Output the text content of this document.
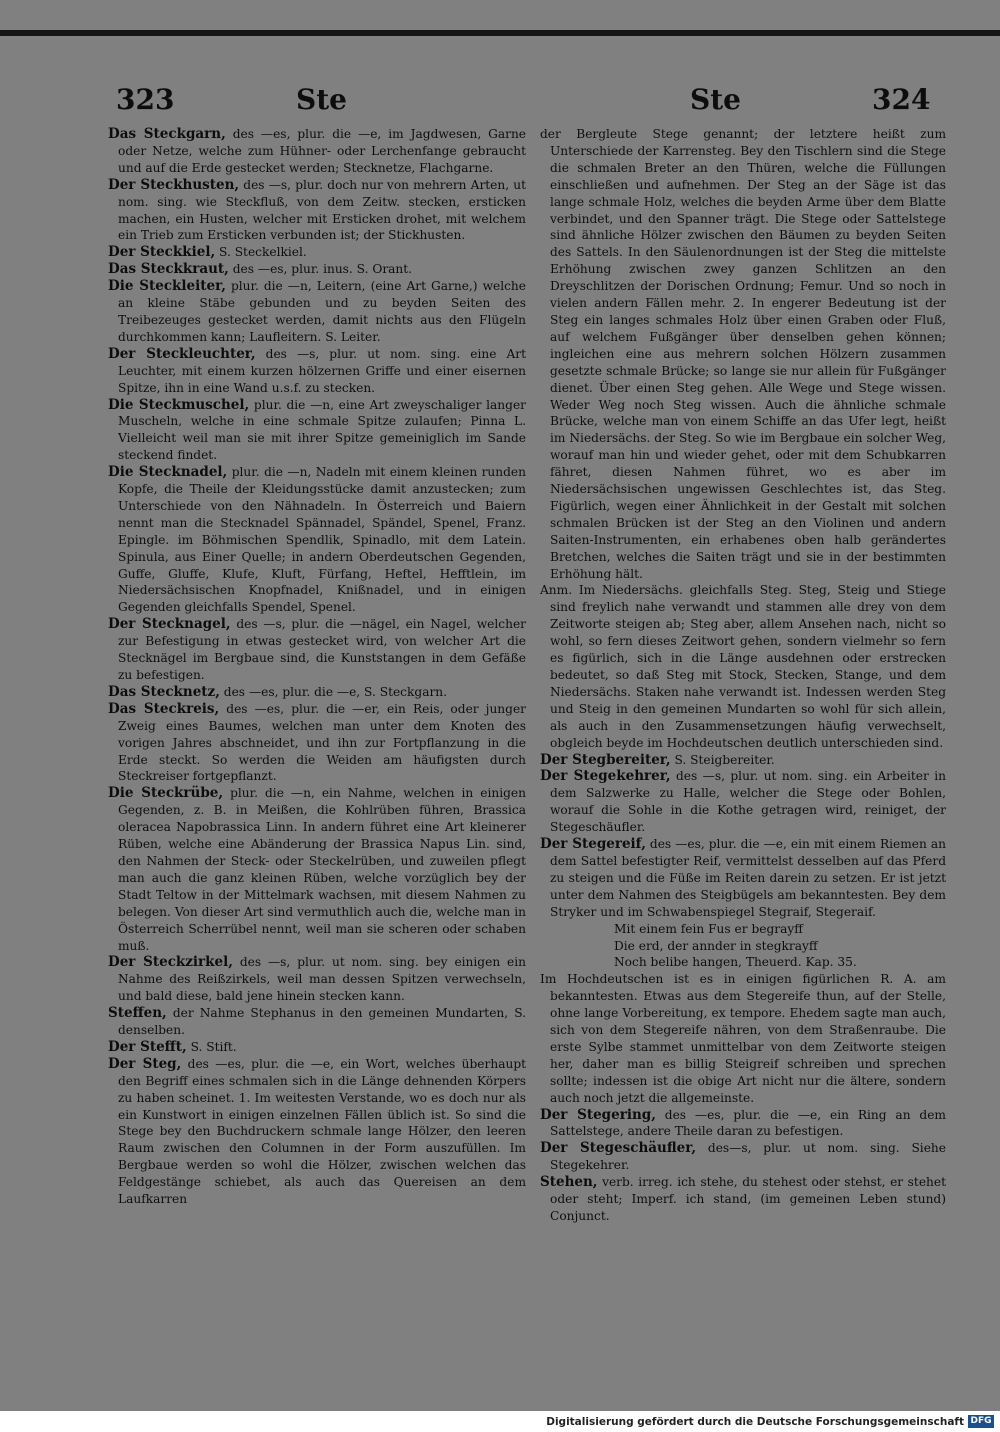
323	Ste	Ste	324

Das Steckgarn, des —es, plur. die —e, im Jagdwesen, Garne oder Netze, welche zum Hühner- oder Lerchenfange gebraucht und auf die Erde gestecket werden; Stecknetze, Flachgarne.

Der Steckhusten, des —s, plur. doch nur von mehrern Arten, ut nom. sing. wie Steckfluß, von dem Zeitw. stecken, ersticken machen, ein Husten, welcher mit Ersticken drohet, mit welchem ein Trieb zum Ersticken verbunden ist; der Stickhusten.

Der Steckkiel, S. Steckelkiel.

Das Steckkraut, des —es, plur. inus. S. Orant.

Die Steckleiter, plur. die —n, Leitern, (eine Art Garne,) welche an kleine Stäbe gebunden und zu beyden Seiten des Treibezeuges gestecket werden, damit nichts aus den Flügeln durchkommen kann; Laufleitern. S. Leiter.

Der Steckleuchter, des —s, plur. ut nom. sing. eine Art Leuchter, mit einem kurzen hölzernen Griffe und einer eisernen Spitze, ihn in eine Wand u.s.f. zu stecken.

Die Steckmuschel, plur. die —n, eine Art zweyschaliger langer Muscheln, welche in eine schmale Spitze zulaufen; Pinna L. Vielleicht weil man sie mit ihrer Spitze gemeiniglich im Sande steckend findet.

Die Stecknadel, plur. die —n, Nadeln mit einem kleinen runden Kopfe, die Theile der Kleidungsstücke damit anzustecken; zum Unterschiede von den Nähnadeln. In Österreich und Baiern nennt man die Stecknadel Spännadel, Spändel, Spenel, Franz. Epingle. im Böhmischen Spendlik, Spinadlo, mit dem Latein. Spinula, aus Einer Quelle; in andern Oberdeutschen Gegenden, Guffe, Gluffe, Klufe, Kluft, Fürfang, Heftel, Hefftlein, im Niedersächsischen Knopfnadel, Knißnadel, und in einigen Gegenden gleichfalls Spendel, Spenel.

Der Stecknagel, des —s, plur. die —nägel, ein Nagel, welcher zur Befestigung in etwas gestecket wird, von welcher Art die Stecknägel im Bergbaue sind, die Kunststangen in dem Gefäße zu befestigen.

Das Stecknetz, des —es, plur. die —e, S. Steckgarn.

Das Steckreis, des —es, plur. die —er, ein Reis, oder junger Zweig eines Baumes, welchen man unter dem Knoten des vorigen Jahres abschneidet, und ihn zur Fortpflanzung in die Erde steckt. So werden die Weiden am häufigsten durch Steckreiser fortgepflanzt.

Die Steckrübe, plur. die —n, ein Nahme, welchen in einigen Gegenden, z. B. in Meißen, die Kohlrüben führen, Brassica oleracea Napobrassica Linn. In andern führet eine Art kleinerer Rüben, welche eine Abänderung der Brassica Napus Lin. sind, den Nahmen der Steck- oder Steckelrüben, und zuweilen pflegt man auch die ganz kleinen Rüben, welche vorzüglich bey der Stadt Teltow in der Mittelmark wachsen, mit diesem Nahmen zu belegen. Von dieser Art sind vermuthlich auch die, welche man in Österreich Scherrübel nennt, weil man sie scheren oder schaben muß.

Der Steckzirkel, des —s, plur. ut nom. sing. bey einigen ein Nahme des Reißzirkels, weil man dessen Spitzen verwechseln, und bald diese, bald jene hinein stecken kann.

Steffen, der Nahme Stephanus in den gemeinen Mundarten, S. denselben.

Der Stefft, S. Stift.

Der Steg, des —es, plur. die —e, ein Wort, welches überhaupt den Begriff eines schmalen sich in die Länge dehnenden Körpers zu haben scheinet. 1. Im weitesten Verstande, wo es doch nur als ein Kunstwort in einigen einzelnen Fällen üblich ist. So sind die Stege bey den Buchdruckern schmale lange Hölzer, den leeren Raum zwischen den Columnen in der Form auszufüllen. Im Bergbaue werden so wohl die Hölzer, zwischen welchen das Feldgestänge schiebet, als auch das Quereisen an dem Laufkarren

der Bergleute Stege genannt; der letztere heißt zum Unterschiede der Karrensteg. Bey den Tischlern sind die Stege die schmalen Breter an den Thüren, welche die Füllungen einschließen und aufnehmen. Der Steg an der Säge ist das lange schmale Holz, welches die beyden Arme über dem Blatte verbindet, und den Spanner trägt. Die Stege oder Sattelstege sind ähnliche Hölzer zwischen den Bäumen zu beyden Seiten des Sattels. In den Säulenordnungen ist der Steg die mittelste Erhöhung zwischen zwey ganzen Schlitzen an den Dreyschlitzen der Dorischen Ordnung; Femur. Und so noch in vielen andern Fällen mehr. 2. In engerer Bedeutung ist der Steg ein langes schmales Holz über einen Graben oder Fluß, auf welchem Fußgänger über denselben gehen können; ingleichen eine aus mehrern solchen Hölzern zusammen gesetzte schmale Brücke; so lange sie nur allein für Fußgänger dienet. Über einen Steg gehen. Alle Wege und Stege wissen. Weder Weg noch Steg wissen. Auch die ähnliche schmale Brücke, welche man von einem Schiffe an das Ufer legt, heißt im Niedersächs. der Steg. So wie im Bergbaue ein solcher Weg, worauf man hin und wieder gehet, oder mit dem Schubkarren fähret, diesen Nahmen führet, wo es aber im Niedersächsischen ungewissen Geschlechtes ist, das Steg. Figürlich, wegen einer Ähnlichkeit in der Gestalt mit solchen schmalen Brücken ist der Steg an den Violinen und andern Saiten-Instrumenten, ein erhabenes oben halb gerändertes Bretchen, welches die Saiten trägt und sie in der bestimmten Erhöhung hält.

Anm. Im Niedersächs. gleichfalls Steg. Steg, Steig und Stiege sind freylich nahe verwandt und stammen alle drey von dem Zeitworte steigen ab; Steg aber, allem Ansehen nach, nicht so wohl, so fern dieses Zeitwort gehen, sondern vielmehr so fern es figürlich, sich in die Länge ausdehnen oder erstrecken bedeutet, so daß Steg mit Stock, Stecken, Stange, und dem Niedersächs. Staken nahe verwandt ist. Indessen werden Steg und Steig in den gemeinen Mundarten so wohl für sich allein, als auch in den Zusammensetzungen häufig verwechselt, obgleich beyde im Hochdeutschen deutlich unterschieden sind.

Der Stegbereiter, S. Steigbereiter.

Der Stegekehrer, des —s, plur. ut nom. sing. ein Arbeiter in dem Salzwerke zu Halle, welcher die Stege oder Bohlen, worauf die Sohle in die Kothe getragen wird, reiniget, der Stegeschäufler.

Der Stegereif, des —es, plur. die —e, ein mit einem Riemen an dem Sattel befestigter Reif, vermittelst desselben auf das Pferd zu steigen und die Füße im Reiten darein zu setzen. Er ist jetzt unter dem Nahmen des Steigbügels am bekanntesten. Bey dem Stryker und im Schwabenspiegel Stegraif, Stegeraif.

Mit einem fein Fus er begrayff

Die erd, der annder in stegkrayff

Noch belibe hangen, Theuerd. Kap. 35.

Im Hochdeutschen ist es in einigen figürlichen R. A. am bekanntesten. Etwas aus dem Stegereife thun, auf der Stelle, ohne lange Vorbereitung, ex tempore. Ehedem sagte man auch, sich von dem Stegereife nähren, von dem Straßenraube. Die erste Sylbe stammet unmittelbar von dem Zeitworte steigen her, daher man es billig Steigreif schreiben und sprechen sollte; indessen ist die obige Art nicht nur die ältere, sondern auch noch jetzt die allgemeinste.

Der Stegering, des —es, plur. die —e, ein Ring an dem Sattelstege, andere Theile daran zu befestigen.

Der Stegeschäufler, des—s, plur. ut nom. sing. Siehe Stegekehrer.

Stehen, verb. irreg. ich stehe, du stehest oder stehst, er stehet oder steht; Imperf. ich stand, (im gemeinen Leben stund) Conjunct.

Digitalisierung gefördert durch die Deutsche Forschungsgemeinschaft DFG
